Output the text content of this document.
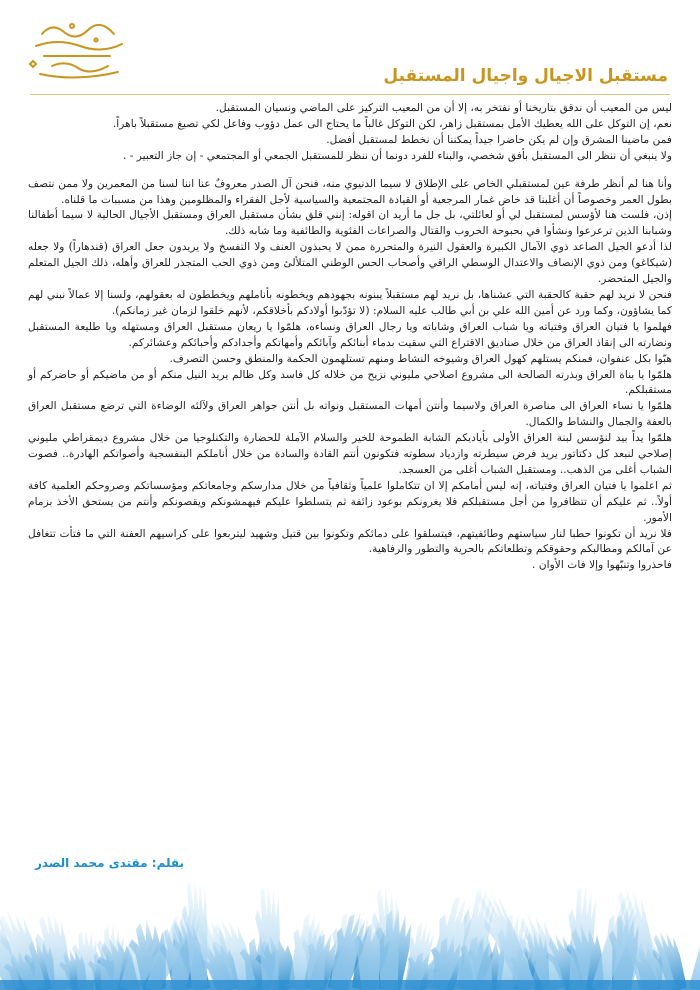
مستقبل الاجيال واجيال المستقبل

ليس من المعيب أن ندقق بتاريخنا أو نفتخر به، إلا أن من المعيب التركيز على الماضي ونسيان المستقبل.

نعم، إن التوكل على الله يعطيك الأمل بمستقبل زاهر، لكن التوكل غالباً ما يحتاج الى عمل دؤوب وفاعل لكي تصيغ مستقبلاً باهراً.

فمن ماضينا المشرق وإن لم يكن حاضرا جيداً يمكننا أن نخطط لمستقبل أفضل.

ولا ينبغي أن ننظر الى المستقبل بأفق شخصي، والبناء للفرد دونما أن ننظر للمستقبل الجمعي أو المجتمعي - إن جاز التعبير - .

وأنا هنا لم أنظر طرفة عين لمستقبلي الخاص على الإطلاق لا سيما الدنيوي منه، فنحن آل الصدر معروفٌ عنا اننا لسنا من المعمرين ولا ممن نتصف بطول العمر وخصوصاً أن أغلبنا قد خاض غمار المرجعية أو القيادة المجتمعية والسياسية لأجل الفقراء والمظلومين وهذا من مسببات ما قلناه.

إذن، فلست هنا لأؤسس لمستقبل لي أو لعائلتي، بل جل ما أريد ان اقوله: إنني قلق بشأن مستقبل العراق ومستقبل الأجيال الحالية لا سيما أطفالنا وشبابنا الذين ترعرعوا ونشأوا في بحبوحة الحروب والقتال والصراعات الفئوية والطائفية وما شابه ذلك.

لذا أدعو الجيل الصاعد ذوي الآمال الكبيرة والعقول النيرة والمتحررة ممن لا يحبذون العنف ولا التفسخ ولا يريدون جعل العراق (قندهاراً) ولا جعله (شيكاغو) ومن ذوي الإنصاف والاعتدال الوسطي الراقي وأصحاب الحس الوطني المتلألئ ومن ذوي الحب المتجذر للعراق وأهله، ذلك الجيل المتعلم والجيل المتحضر.

فنحن لا نريد لهم حقبة كالحقبة التي عشناها، بل نريد لهم مستقبلاً يبنونه بجهودهم ويخطونه بأناملهم ويخططون له بعقولهم، ولسنا إلا عمالاً نبني لهم كما يشاؤون، وكما ورد عن أمين الله علي بن أبي طالب عليه السلام: (لا تؤدّبوا أولادكم بأخلاقكم، لأنهم خلقوا لزمان غير زمانكم).

فهلموا يا فتيان العراق وفتياته ويا شباب العراق وشاباته ويا رجال العراق ونساءه، هلمّوا يا ريعان مستقبل العراق ومستهله ويا طليعة المستقبل ونضارته الى إنقاذ العراق من خلال صناديق الاقتراع التي سقيت بدماء أبنائكم وآبائكم وأمهاتكم وأجدادكم وأحبائكم وعشائركم.

هبّوا بكل عنفوان، فمنكم يستلهم كهول العراق وشيوخه النشاط ومنهم تستلهمون الحكمة والمنطق وحسن التصرف.

هلمّوا يا بناة العراق وبذرته الصالحة الى مشروع اصلاحي مليوني نزيح من خلاله كل فاسد وكل ظالم يريد النيل منكم أو من ماضيكم أو حاضركم أو مستقبلكم.

هلمّوا يا نساء العراق الى مناصرة العراق ولاسيما وأنتن أمهات المستقبل ونواته بل أنتن جواهر العراق ولآلئه الوضاءة التي ترضع مستقبل العراق بالعفة والجمال والنشاط والكمال.

هلمّوا يداً بيد لنؤسس لبنة العراق الأولى بأياديكم الشابة الطموحة للخير والسلام الآملة للحضارة والتكنلوجيا من خلال مشروع ديمقراطي مليوني إصلاحي لنبعد كل دكتاتور يريد فرض سيطرته وازدياد سطوته فتكونون أنتم القادة والسادة من خلال أناملكم البنفسجية وأصواتكم الهادرة.. فصوت الشباب أغلى من الذهب.. ومستقبل الشباب أغلى من العسجد.

ثم اعلموا يا فتيان العراق وفتياته، إنه ليس أمامكم إلا ان تتكاملوا علمياً وثقافياً من خلال مدارسكم وجامعاتكم ومؤسساتكم وصروحكم العلمية كافة أولاً.. ثم عليكم أن تتظافروا من أجل مستقبلكم فلا يغرونكم بوعود زائفة ثم يتسلطوا عليكم فيهمشونكم ويقصونكم وأنتم من يستحق الأخذ بزمام الأمور.

فلا نريد أن تكونوا حطبا لنار سياستهم وطائفيتهم، فيتسلقوا على دمائكم وتكونوا بين قتيل وشهيد ليتربعوا على كراسيهم العفنة التي ما فتأت تتغافل عن آمالكم ومطالبكم وحقوقكم وتطلعاتكم بالحرية والتطور والرفاهية.

فاحذروا وتنبّهوا وإلا فات الأوان .

بقلم: مقتدى محمد الصدر
